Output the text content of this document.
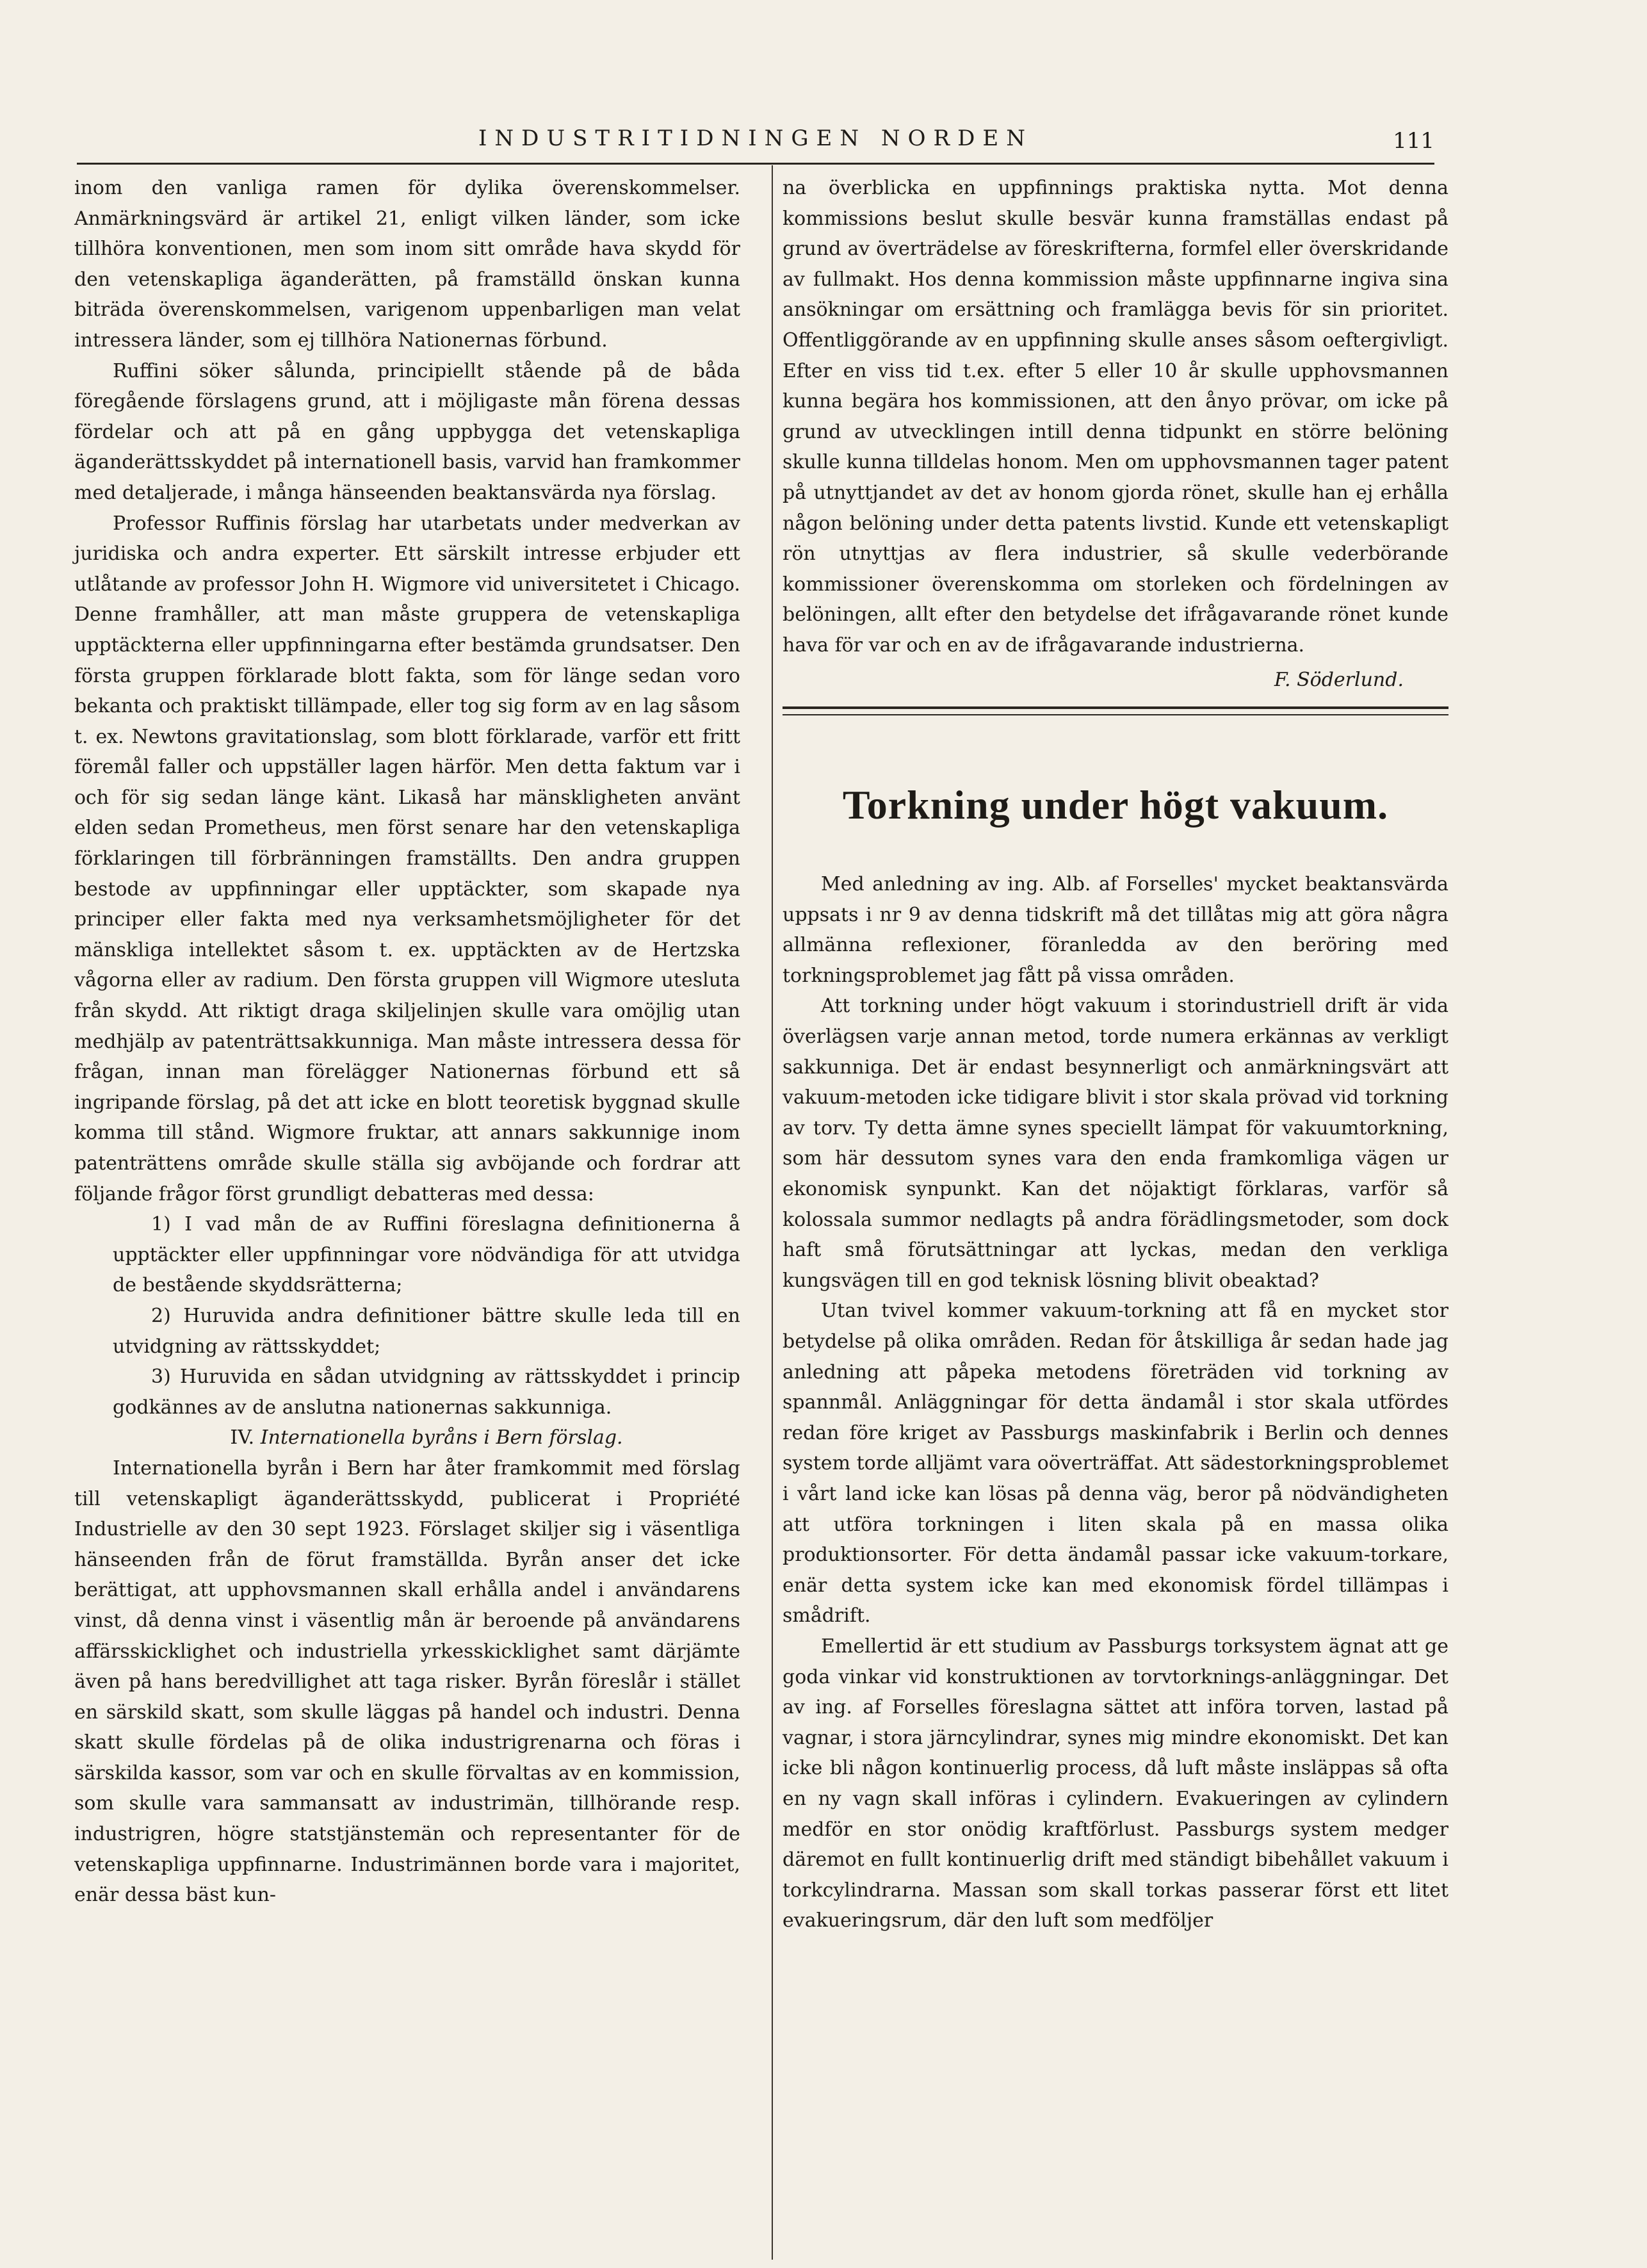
INDUSTRITIDNINGEN NORDEN	111

inom den vanliga ramen för dylika överenskommelser. Anmärkningsvärd är artikel 21, enligt vilken länder, som icke tillhöra konventionen, men som inom sitt område hava skydd för den vetenskapliga äganderätten, på framställd önskan kunna biträda överenskommelsen, varigenom uppenbarligen man velat intressera länder, som ej tillhöra Nationernas förbund.

Ruffini söker sålunda, principiellt stående på de båda föregående förslagens grund, att i möjligaste mån förena dessas fördelar och att på en gång uppbygga det vetenskapliga äganderättsskyddet på internationell basis, varvid han framkommer med detaljerade, i många hänseenden beaktansvärda nya förslag.

Professor Ruffinis förslag har utarbetats under medverkan av juridiska och andra experter. Ett särskilt intresse erbjuder ett utlåtande av professor John H. Wigmore vid universitetet i Chicago. Denne framhåller, att man måste gruppera de vetenskapliga upptäckterna eller uppfinningarna efter bestämda grundsatser. Den första gruppen förklarade blott fakta, som för länge sedan voro bekanta och praktiskt tillämpade, eller tog sig form av en lag såsom t. ex. Newtons gravitationslag, som blott förklarade, varför ett fritt föremål faller och uppställer lagen härför. Men detta faktum var i och för sig sedan länge känt. Likaså har mänskligheten använt elden sedan Prometheus, men först senare har den vetenskapliga förklaringen till förbränningen framställts. Den andra gruppen bestode av uppfinningar eller upptäckter, som skapade nya principer eller fakta med nya verksamhetsmöjligheter för det mänskliga intellektet såsom t. ex. upptäckten av de Hertzska vågorna eller av radium. Den första gruppen vill Wigmore utesluta från skydd. Att riktigt draga skiljelinjen skulle vara omöjlig utan medhjälp av patenträttsakkunniga. Man måste intressera dessa för frågan, innan man förelägger Nationernas förbund ett så ingripande förslag, på det att icke en blott teoretisk byggnad skulle komma till stånd. Wigmore fruktar, att annars sakkunnige inom patenträttens område skulle ställa sig avböjande och fordrar att följande frågor först grundligt debatteras med dessa:

1) I vad mån de av Ruffini föreslagna definitionerna å upptäckter eller uppfinningar vore nödvändiga för att utvidga de bestående skyddsrätterna;

2) Huruvida andra definitioner bättre skulle leda till en utvidgning av rättsskyddet;

3) Huruvida en sådan utvidgning av rättsskyddet i princip godkännes av de anslutna nationernas sakkunniga.

IV. Internationella byråns i Bern förslag.

Internationella byrån i Bern har åter framkommit med förslag till vetenskapligt äganderättsskydd, publicerat i Propriété Industrielle av den 30 sept 1923. Förslaget skiljer sig i väsentliga hänseenden från de förut framställda. Byrån anser det icke berättigat, att upphovsmannen skall erhålla andel i användarens vinst, då denna vinst i väsentlig mån är beroende på användarens affärsskicklighet och industriella yrkesskicklighet samt därjämte även på hans beredvillighet att taga risker. Byrån föreslår i stället en särskild skatt, som skulle läggas på handel och industri. Denna skatt skulle fördelas på de olika industrigrenarna och föras i särskilda kassor, som var och en skulle förvaltas av en kommission, som skulle vara sammansatt av industrimän, tillhörande resp. industrigren, högre statstjänstemän och representanter för de vetenskapliga uppfinnarne. Industrimännen borde vara i majoritet, enär dessa bäst kun-

na överblicka en uppfinnings praktiska nytta. Mot denna kommissions beslut skulle besvär kunna framställas endast på grund av överträdelse av föreskrifterna, formfel eller överskridande av fullmakt. Hos denna kommission måste uppfinnarne ingiva sina ansökningar om ersättning och framlägga bevis för sin prioritet. Offentliggörande av en uppfinning skulle anses såsom oeftergivligt. Efter en viss tid t.ex. efter 5 eller 10 år skulle upphovsmannen kunna begära hos kommissionen, att den ånyo prövar, om icke på grund av utvecklingen intill denna tidpunkt en större belöning skulle kunna tilldelas honom. Men om upphovsmannen tager patent på utnyttjandet av det av honom gjorda rönet, skulle han ej erhålla någon belöning under detta patents livstid. Kunde ett vetenskapligt rön utnyttjas av flera industrier, så skulle vederbörande kommissioner överenskomma om storleken och fördelningen av belöningen, allt efter den betydelse det ifrågavarande rönet kunde hava för var och en av de ifrågavarande industrierna.

F. Söderlund.
Torkning under högt vakuum.

Med anledning av ing. Alb. af Forselles' mycket beaktansvärda uppsats i nr 9 av denna tidskrift må det tillåtas mig att göra några allmänna reflexioner, föranledda av den beröring med torkningsproblemet jag fått på vissa områden.

Att torkning under högt vakuum i storindustriell drift är vida överlägsen varje annan metod, torde numera erkännas av verkligt sakkunniga. Det är endast besynnerligt och anmärkningsvärt att vakuum-metoden icke tidigare blivit i stor skala prövad vid torkning av torv. Ty detta ämne synes speciellt lämpat för vakuumtorkning, som här dessutom synes vara den enda framkomliga vägen ur ekonomisk synpunkt. Kan det nöjaktigt förklaras, varför så kolossala summor nedlagts på andra förädlingsmetoder, som dock haft små förutsättningar att lyckas, medan den verkliga kungsvägen till en god teknisk lösning blivit obeaktad?

Utan tvivel kommer vakuum-torkning att få en mycket stor betydelse på olika områden. Redan för åtskilliga år sedan hade jag anledning att påpeka metodens företräden vid torkning av spannmål. Anläggningar för detta ändamål i stor skala utfördes redan före kriget av Passburgs maskinfabrik i Berlin och dennes system torde alljämt vara oöverträffat. Att sädestorkningsproblemet i vårt land icke kan lösas på denna väg, beror på nödvändigheten att utföra torkningen i liten skala på en massa olika produktionsorter. För detta ändamål passar icke vakuum-torkare, enär detta system icke kan med ekonomisk fördel tillämpas i smådrift.

Emellertid är ett studium av Passburgs torksystem ägnat att ge goda vinkar vid konstruktionen av torvtorknings-anläggningar. Det av ing. af Forselles föreslagna sättet att införa torven, lastad på vagnar, i stora järncylindrar, synes mig mindre ekonomiskt. Det kan icke bli någon kontinuerlig process, då luft måste insläppas så ofta en ny vagn skall införas i cylindern. Evakueringen av cylindern medför en stor onödig kraftförlust. Passburgs system medger däremot en fullt kontinuerlig drift med ständigt bibehållet vakuum i torkcylindrarna. Massan som skall torkas passerar först ett litet evakueringsrum, där den luft som medföljer
